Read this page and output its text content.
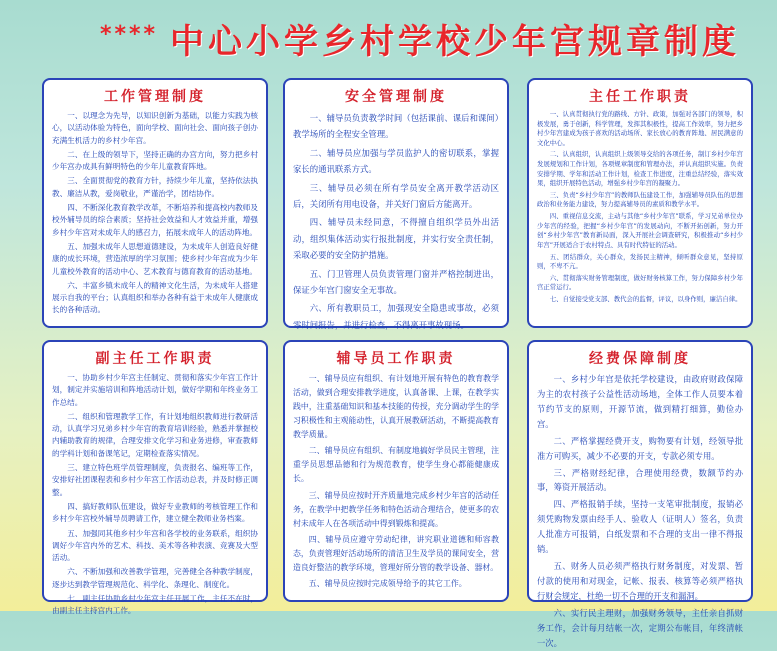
**** 中心小学乡村学校少年宫规章制度
工作管理制度

一、以理念为先导，以知识创新为基础，以能力实践为核心，以活动体验为特色，面向学校、面向社会、面向孩子创办充满生机活力的乡村少年宫。

二、在上级的领导下，坚持正确的办宫方向，努力把乡村少年宫办成具有鲜明特色的少年儿童教育阵地。

三、全面贯彻党的教育方针，持续少年儿童，坚持依法执教、廉洁从教，爱岗敬业，严谨治学，团结协作。

四、不断深化教育教学改革，不断培养和提高校内教师及校外辅导员的综合素质；坚持社会效益和人才效益并重，增强乡村少年宫对未成年人的感召力，拓展未成年人的活动阵地。

五、加强未成年人思想道德建设，为未成年人创造良好健康的成长环境，营造浓厚的学习氛围；使乡村少年宫成为少年儿童校外教育的活动中心、艺术教育与德育教育的活动基地。

六、丰富乡镇未成年人的精神文化生活，为未成年人搭建展示自我的平台；认真组织和举办各种有益于未成年人健康成长的各种活动。

安全管理制度

一、辅导员负责教学时间（包括课前、课后和课间）教学场所的全程安全管理。

二、辅导员应加强与学员监护人的密切联系，掌握家长的通讯联系方式。

三、辅导员必须在所有学员安全离开教学活动区后，关闭所有用电设备，并关好门窗后方能离开。

四、辅导员未经同意，不得擅自组织学员外出活动，组织集体活动实行报批制度，并实行安全责任制，采取必要的安全防护措施。

五、门卫管理人员负责管理门窗并严格控制进出，保证少年宫门窗安全无事故。

六、所有教职员工，加强现安全隐患或事故，必须零时间报告，并进行检查，不得离开事故现场。

主任工作职责

一、认真贯彻执行党的路线、方针、政策，加强对各部门的领导，积极发展，勇于创新，科学管理，发挥其积极性，提高工作效率，努力把乡村少年宫建成为孩子喜欢的活动场所、家长放心的教育阵地、居民满意的文化中心。

二、认真组织，认真组织上级领导交给的各项任务，制订乡村少年宫发展规划和工作计划，各项规章制度和管理办法，并认真组织实施。负责安排学期、学年和活动工作计划，检查工作进度，注重总结经验，落实效果，组织开展特色活动，增强乡村少年宫的凝聚力。

三、负责“乡村少年宫”的教师队伍建设工作，加强辅导员队伍的思想政治和业务能力建设，努力提高辅导员的素质和教学水平。

四、重视信息交流，主动与其他“乡村少年宫”联系，学习兄弟单位办少年宫的经验，把握“乡村少年宫”的发展动向，不断开拓创新，努力开创“乡村少年宫”教育新局面，深入开展社会调查研究，积极推动“乡村少年宫”开展适合于农村特点、具有时代特征的活动。

五、团结群众，关心群众，发扬民主精神，倾听群众意见，坚持原则，不卑不亢。

六、贯彻落实财务管理制度，做好财务核算工作，努力保障乡村少年宫正常运行。

七、自觉接受党支部、教代会的监督，评议，以身作则，廉洁自律。

副主任工作职责

一、协助乡村少年宫主任制定、贯彻和落实少年宫工作计划，制定并实施培训和阵地活动计划，做好学期和年终业务工作总结。

二、组织和管理教学工作，有计划地组织教师进行教研活动，认真学习兄弟乡村少年宫的教育培训经验，熟悉并掌握校内辅助教育的规律，合理安排文化学习和业务进修，审查教师的学科计划和备课笔记，定期检查落实情况。

三、建立特色班学员管理制度，负责报名、编班等工作，安排好社团课程表和乡村少年宫工作活动总表，并及时修正调整。

四、搞好教师队伍建设，做好专业教师的考核管理工作和乡村少年宫校外辅导员聘请工作，建立健全教师业务档案。

五、加强同其他乡村少年宫和各学校的业务联系，组织协调好少年宫内外的艺术、科技、美术等各种表演、竞赛及大型活动。

六、不断加强和改善教学管理，完善健全各种教学制度，逐步达到教学管理规范化、科学化、条理化、制度化。

七、副主任协助乡村少年宫主任开展工作，主任不在时，由副主任主持宫内工作。

辅导员工作职责

一、辅导员应有组织、有计划地开展有特色的教育教学活动，做到合理安排教学进度，认真备课、上课，在教学实践中，注重基础知识和基本技能的传授，充分调动学生的学习积极性和主观能动性，认真开展教研活动，不断提高教育教学质量。

二、辅导员应有组织、有制度地搞好学员民主管理，注重学员思想品德和行为规范教育，使学生身心都能健康成长。

三、辅导员应按时开齐质量地完成乡村少年宫的活动任务，在教学中把教学任务和特色活动合理结合，使更多的农村未成年人在各项活动中得到锻炼和提高。

四、辅导员应遵守劳动纪律，讲究职业道德和师容教态，负责管理好活动场所的清洁卫生及学员的课间安全，营造良好整洁的教学环境，管理好所分管的教学设备、器材。

五、辅导员应按时完成领导给予的其它工作。

经费保障制度

一、乡村少年宫是依托学校建设，由政府财政保障为主的农村孩子公益性活动场地，全体工作人员要本着节约节支的原则，开源节流，做到精打细算，勤俭办宫。

二、严格掌握经费开支，购物要有计划，经领导批准方可购买，减少不必要的开支，专款必须专用。

三、严格财经纪律，合理使用经费，数额节约办事，筹资开展活动。

四、严格报销手续，坚持一支笔审批制度，报销必须凭购物发票由经手人、验收人（证明人）签名，负责人批准方可报销，白纸发票和不合理的支出一律不得报销。

五、财务人员必须严格执行财务制度，对发票、暂付款的使用和对现金，记帐、报表、核算等必须严格执行财会规定，杜绝一切不合理的开支和漏洞。

六、实行民主理财，加强财务领导，主任亲自抓财务工作，会计每月结帐一次，定期公布帐目，年终清帐一次。
